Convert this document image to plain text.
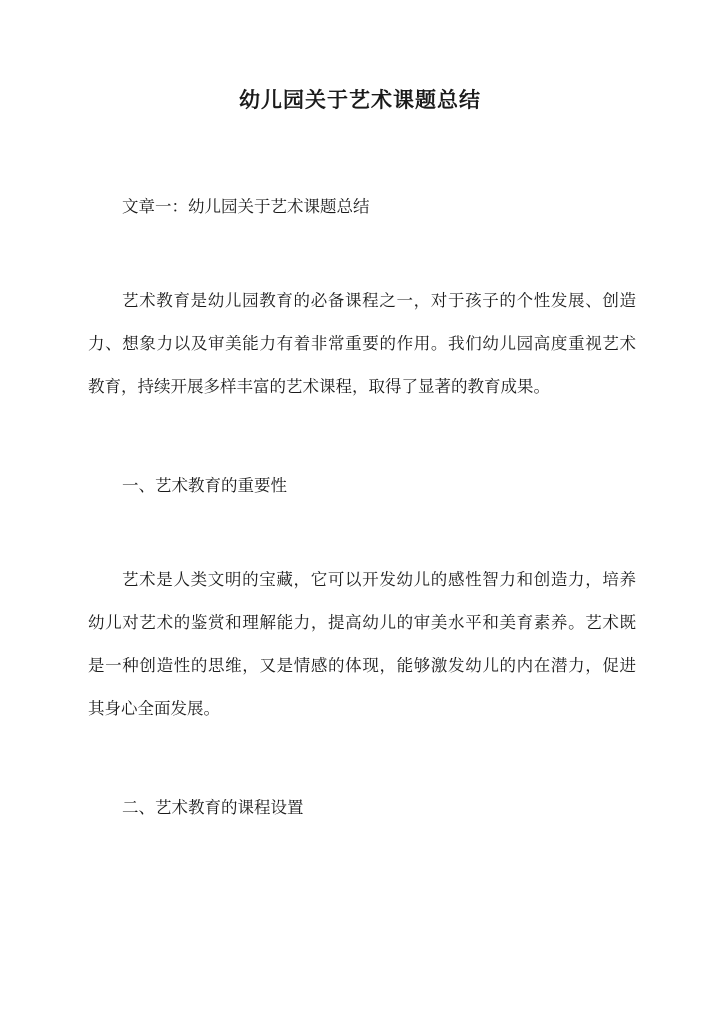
幼儿园关于艺术课题总结
文章一：幼儿园关于艺术课题总结
艺术教育是幼儿园教育的必备课程之一，对于孩子的个性发展、创造
力、想象力以及审美能力有着非常重要的作用。我们幼儿园高度重视艺术
教育，持续开展多样丰富的艺术课程，取得了显著的教育成果。
一、艺术教育的重要性
艺术是人类文明的宝藏，它可以开发幼儿的感性智力和创造力，培养
幼儿对艺术的鉴赏和理解能力，提高幼儿的审美水平和美育素养。艺术既
是一种创造性的思维，又是情感的体现，能够激发幼儿的内在潜力，促进
其身心全面发展。
二、艺术教育的课程设置
